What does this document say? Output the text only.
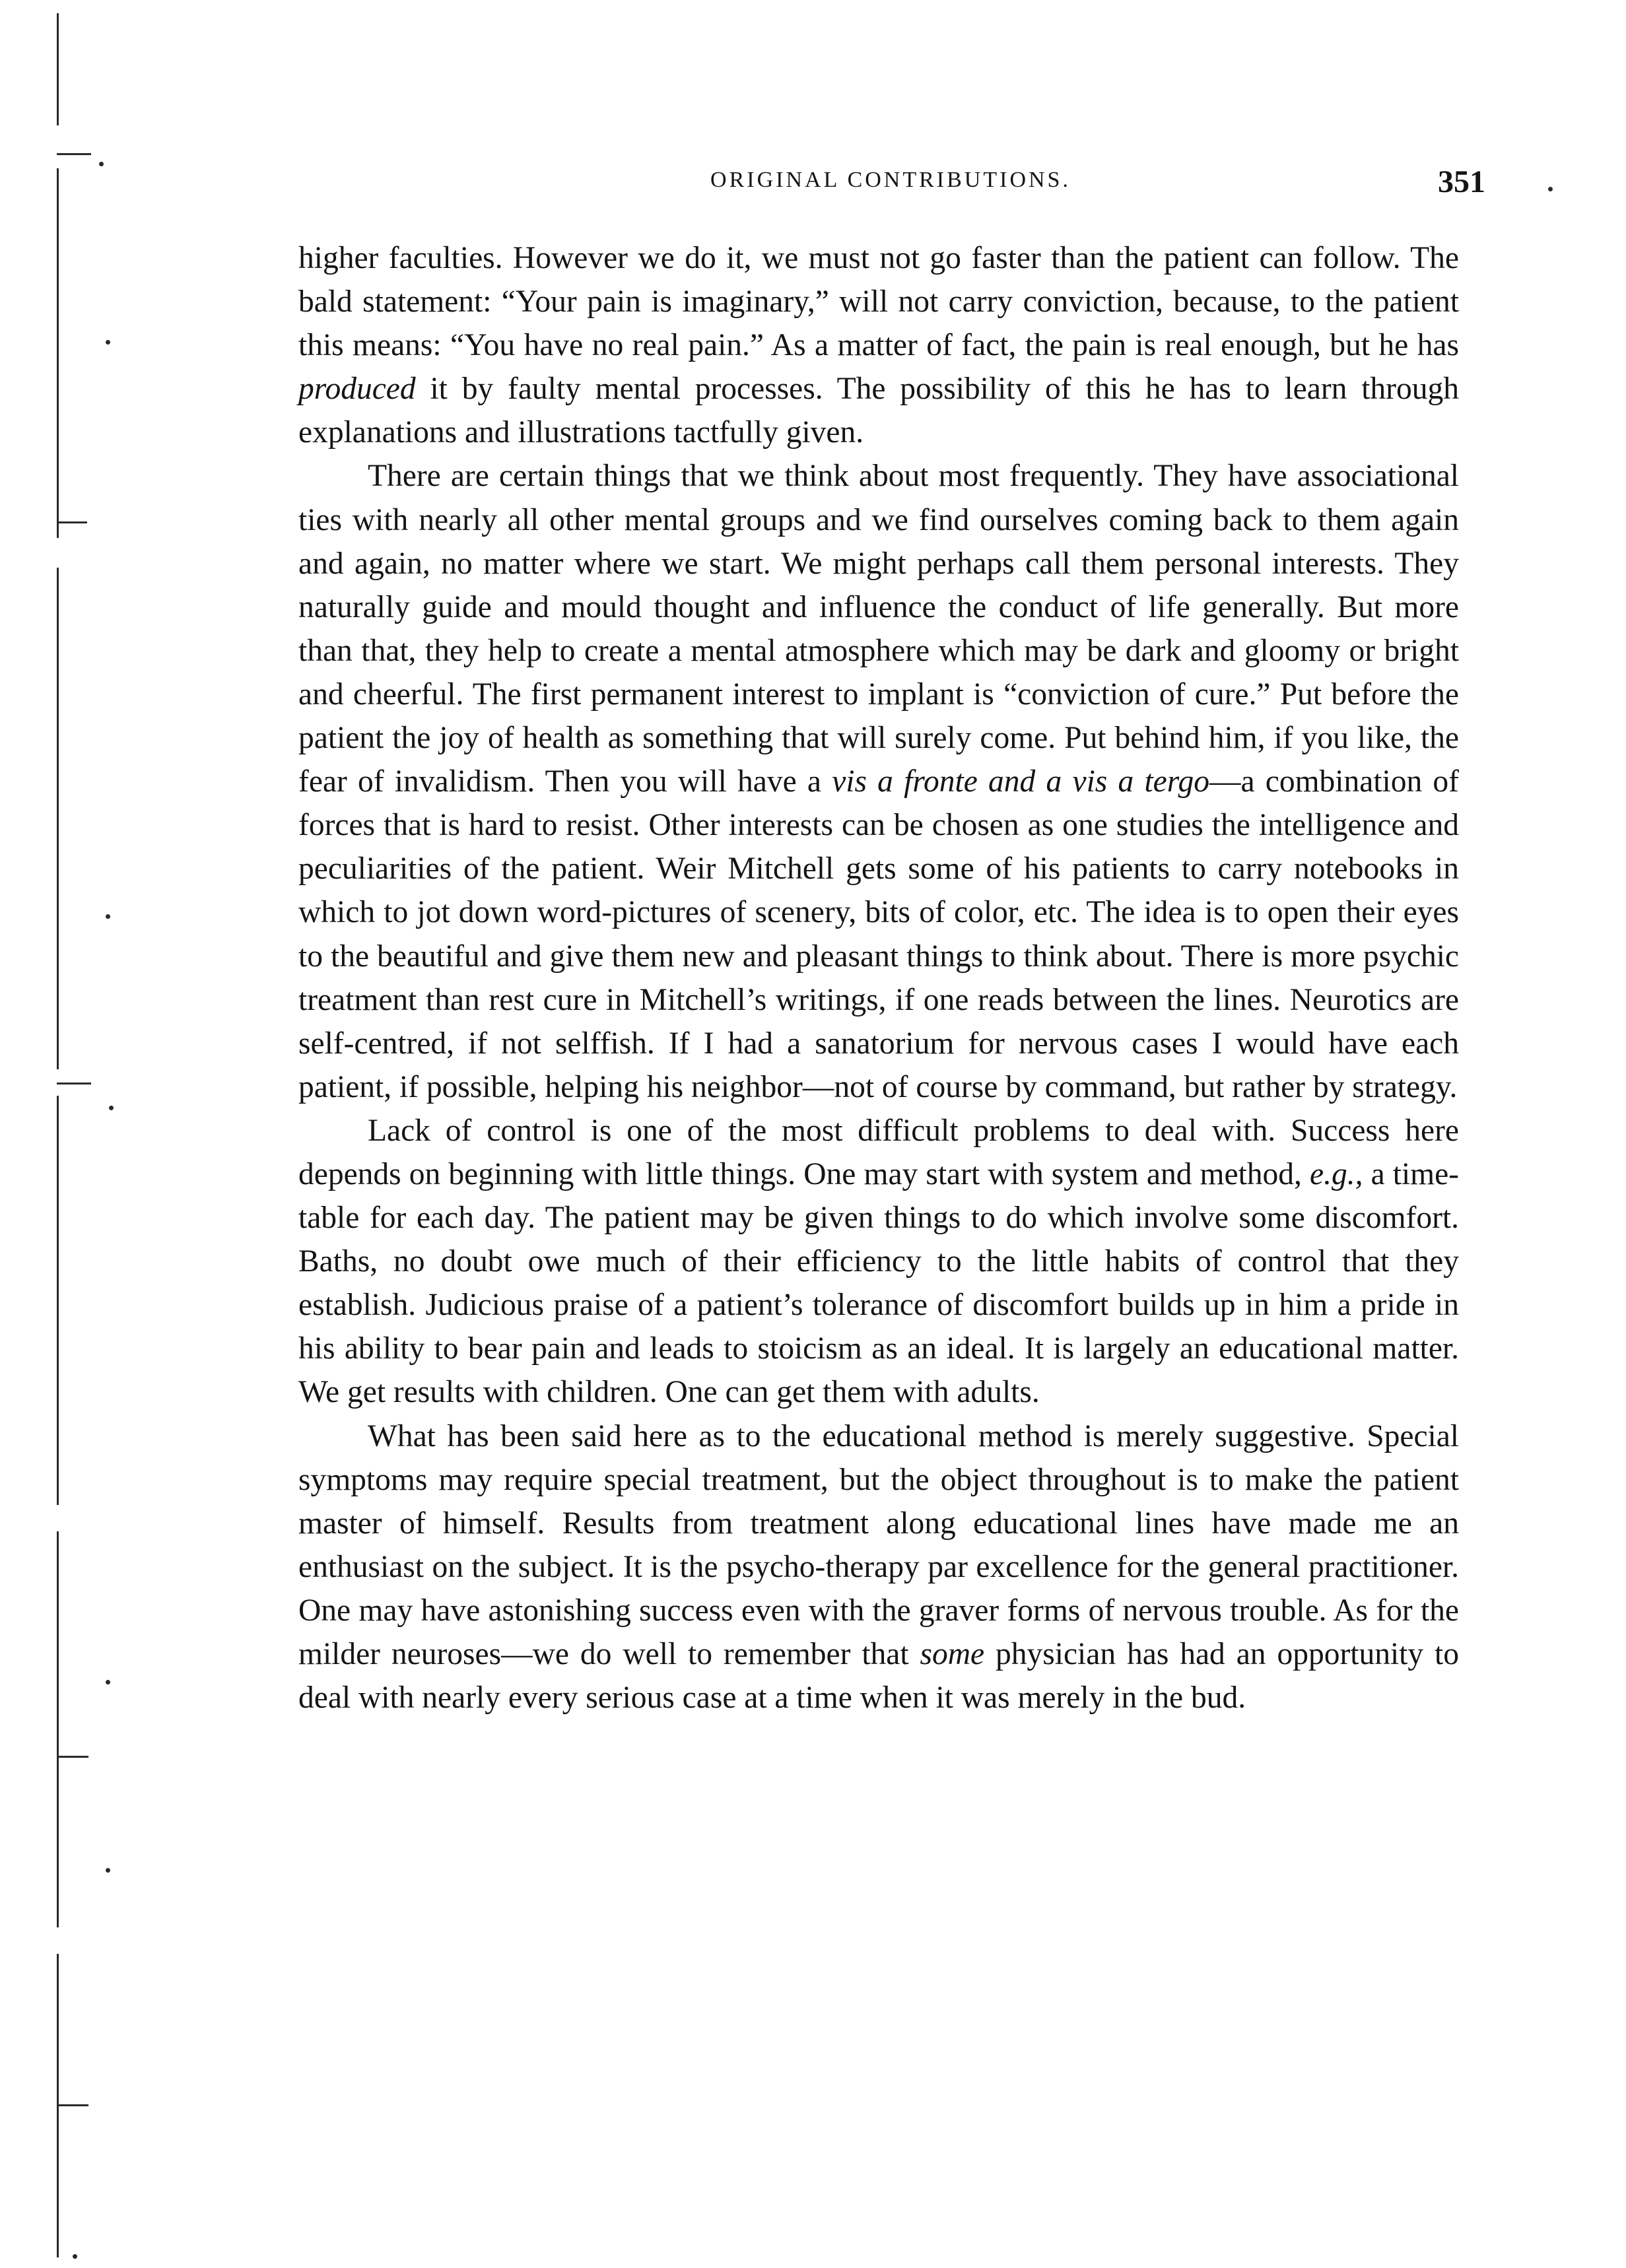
ORIGINAL CONTRIBUTIONS.	351

higher faculties. However we do it, we must not go faster than the patient can follow. The bald statement: “Your pain is imaginary,” will not carry conviction, because, to the patient this means: “You have no real pain.” As a matter of fact, the pain is real enough, but he has produced it by faulty mental processes. The possibility of this he has to learn through explanations and illustrations tactfully given.

There are certain things that we think about most frequently. They have associational ties with nearly all other mental groups and we find ourselves coming back to them again and again, no matter where we start. We might perhaps call them personal interests. They naturally guide and mould thought and influence the conduct of life generally. But more than that, they help to create a mental atmosphere which may be dark and gloomy or bright and cheerful. The first permanent interest to implant is “conviction of cure.” Put before the patient the joy of health as something that will surely come. Put behind him, if you like, the fear of invalidism. Then you will have a vis a fronte and a vis a tergo—a combination of forces that is hard to resist. Other interests can be chosen as one studies the intelligence and peculiarities of the patient. Weir Mitchell gets some of his patients to carry notebooks in which to jot down word-pictures of scenery, bits of color, etc. The idea is to open their eyes to the beautiful and give them new and pleasant things to think about. There is more psychic treatment than rest cure in Mitchell’s writings, if one reads between the lines. Neurotics are self-centred, if not selffish. If I had a sanatorium for nervous cases I would have each patient, if possible, helping his neighbor—not of course by command, but rather by strategy.

Lack of control is one of the most difficult problems to deal with. Success here depends on beginning with little things. One may start with system and method, e.g., a time-table for each day. The patient may be given things to do which involve some discomfort. Baths, no doubt owe much of their efficiency to the little habits of control that they establish. Judicious praise of a patient’s tolerance of discomfort builds up in him a pride in his ability to bear pain and leads to stoicism as an ideal. It is largely an educational matter. We get results with children. One can get them with adults.

What has been said here as to the educational method is merely suggestive. Special symptoms may require special treatment, but the object throughout is to make the patient master of himself. Results from treatment along educational lines have made me an enthusiast on the subject. It is the psycho-therapy par excellence for the general practitioner. One may have astonishing success even with the graver forms of nervous trouble. As for the milder neuroses—we do well to remember that some physician has had an opportunity to deal with nearly every serious case at a time when it was merely in the bud.
